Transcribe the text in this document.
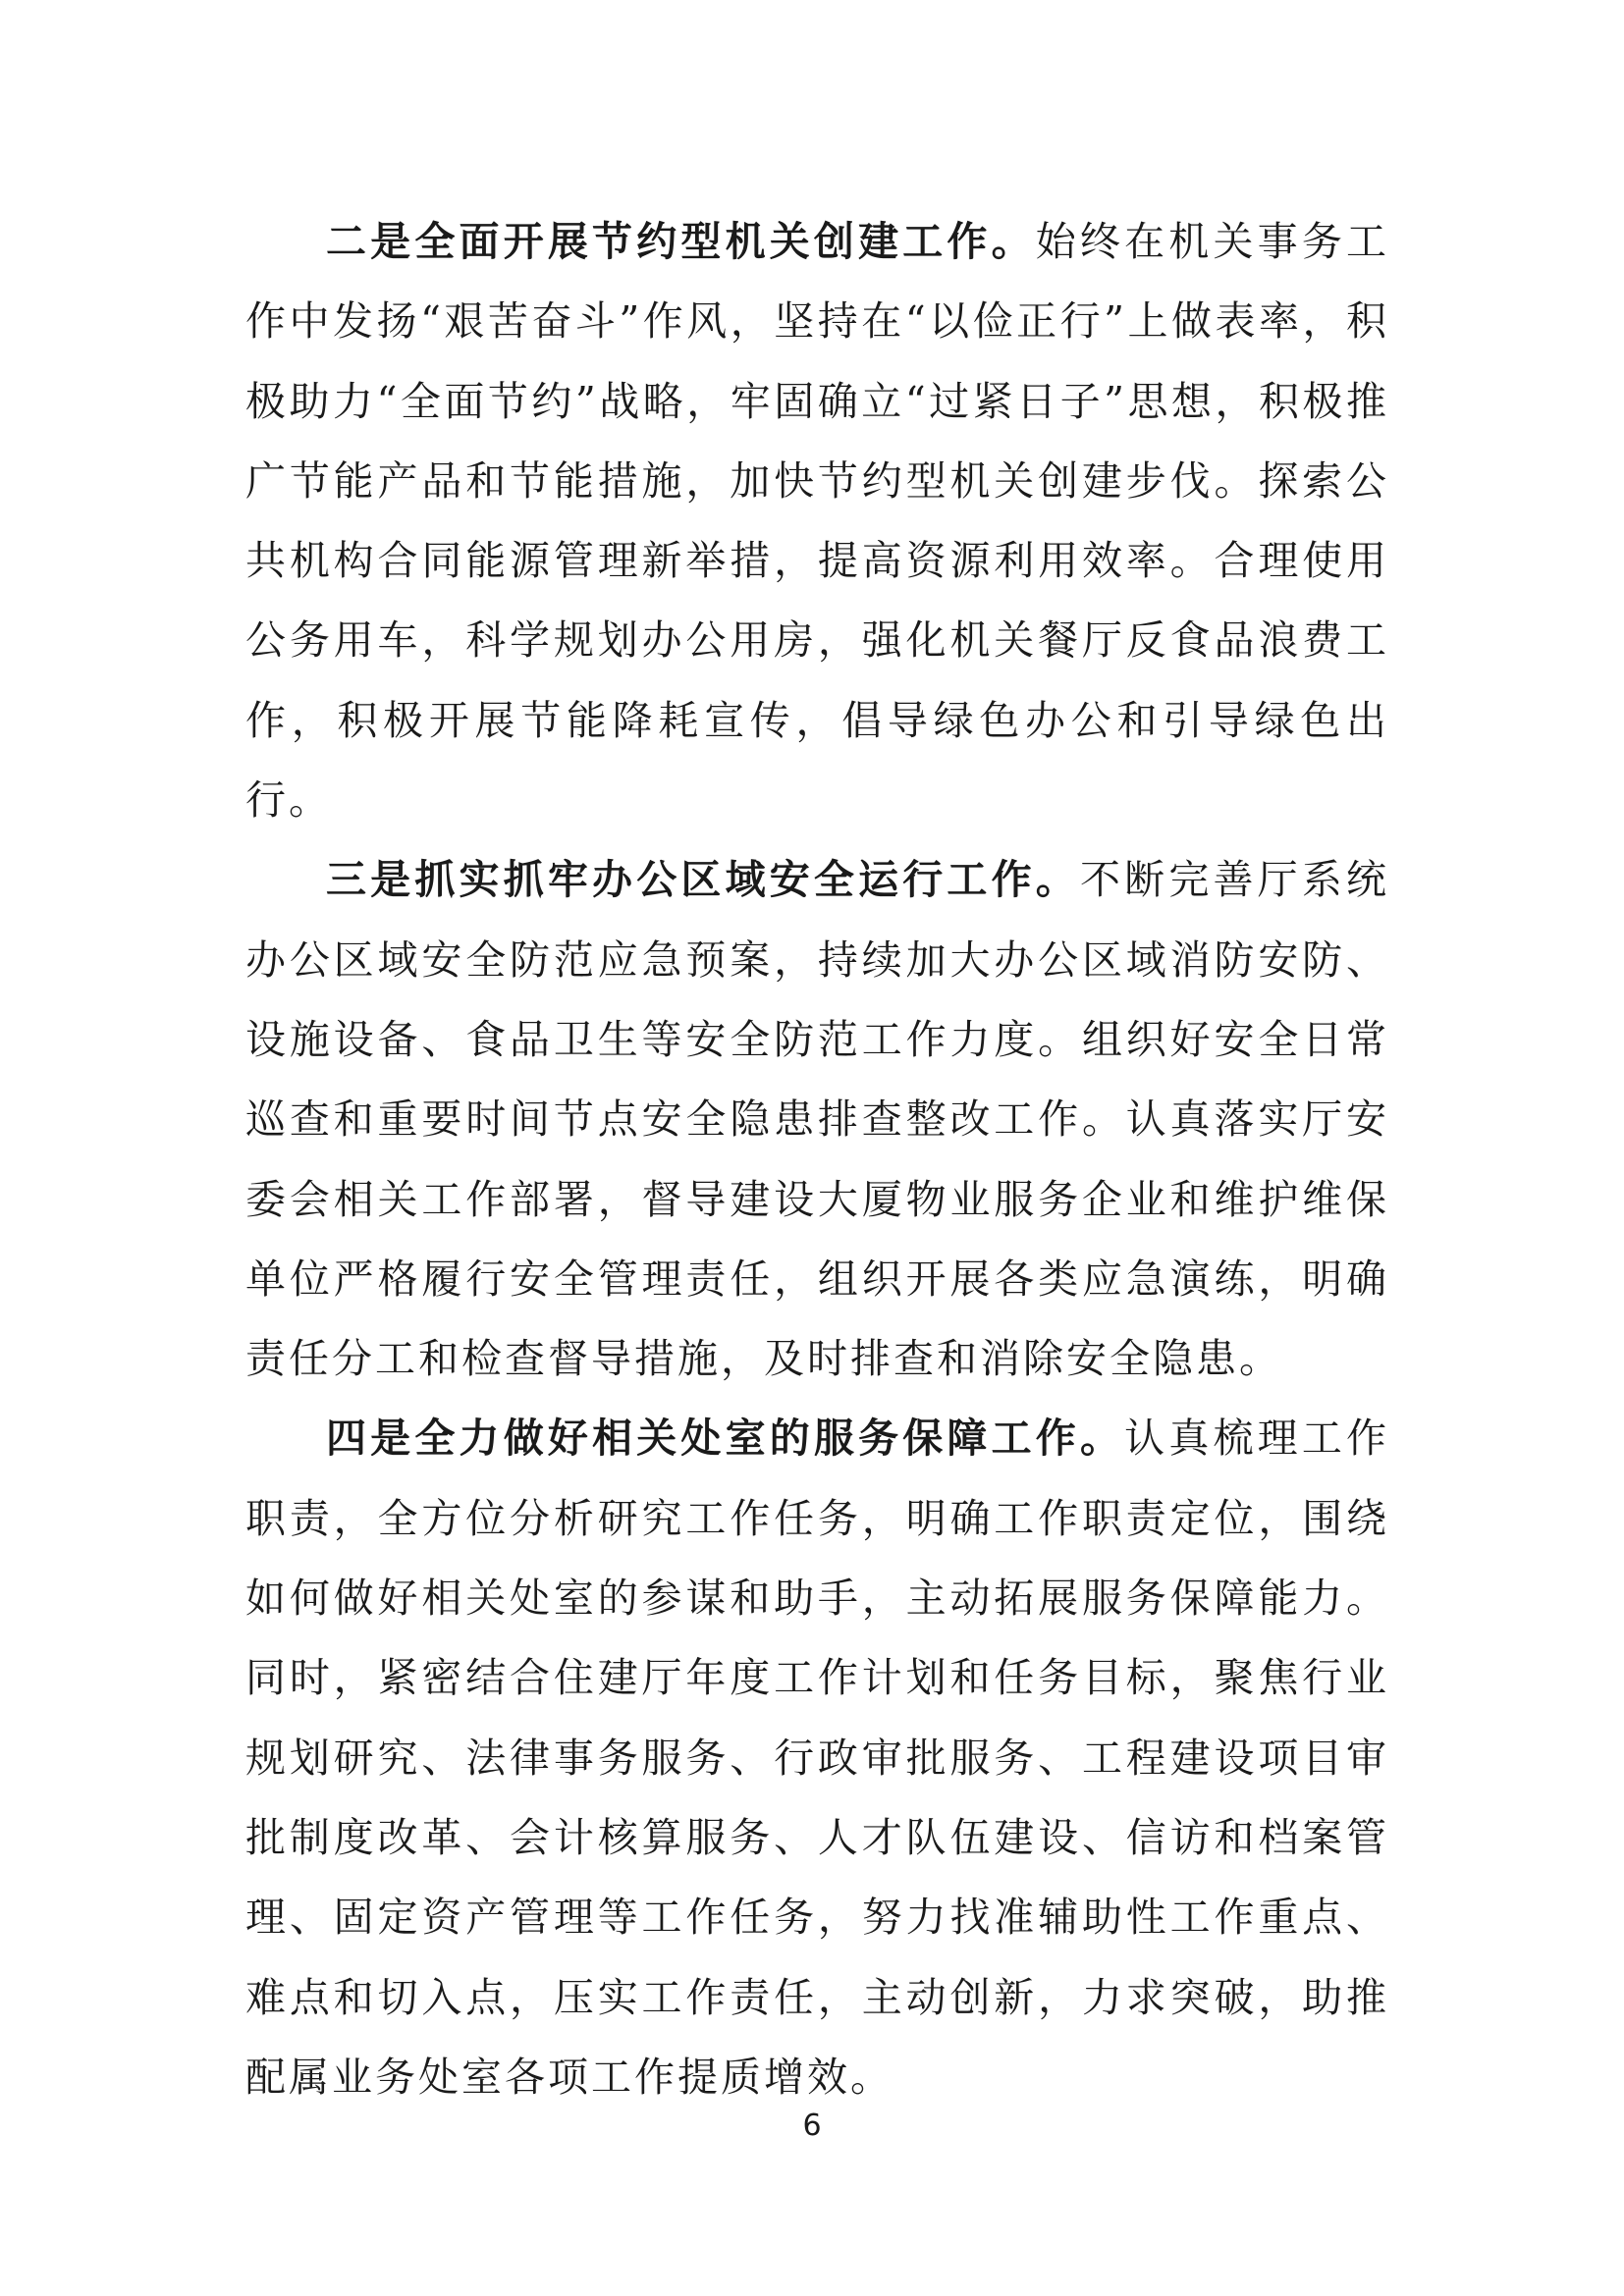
二是全面开展节约型机关创建工作。始终在机关事务工作中发扬“艰苦奋斗”作风，坚持在“以俭正行”上做表率，积极助力“全面节约”战略，牢固确立“过紧日子”思想，积极推广节能产品和节能措施，加快节约型机关创建步伐。探索公共机构合同能源管理新举措，提高资源利用效率。合理使用公务用车，科学规划办公用房，强化机关餐厅反食品浪费工作，积极开展节能降耗宣传，倡导绿色办公和引导绿色出行。

三是抓实抓牢办公区域安全运行工作。不断完善厅系统办公区域安全防范应急预案，持续加大办公区域消防安防、设施设备、食品卫生等安全防范工作力度。组织好安全日常巡查和重要时间节点安全隐患排查整改工作。认真落实厅安委会相关工作部署，督导建设大厦物业服务企业和维护维保单位严格履行安全管理责任，组织开展各类应急演练，明确责任分工和检查督导措施，及时排查和消除安全隐患。

四是全力做好相关处室的服务保障工作。认真梳理工作职责，全方位分析研究工作任务，明确工作职责定位，围绕如何做好相关处室的参谋和助手，主动拓展服务保障能力。同时，紧密结合住建厅年度工作计划和任务目标，聚焦行业规划研究、法律事务服务、行政审批服务、工程建设项目审批制度改革、会计核算服务、人才队伍建设、信访和档案管理、固定资产管理等工作任务，努力找准辅助性工作重点、难点和切入点，压实工作责任，主动创新，力求突破，助推配属业务处室各项工作提质增效。

6
